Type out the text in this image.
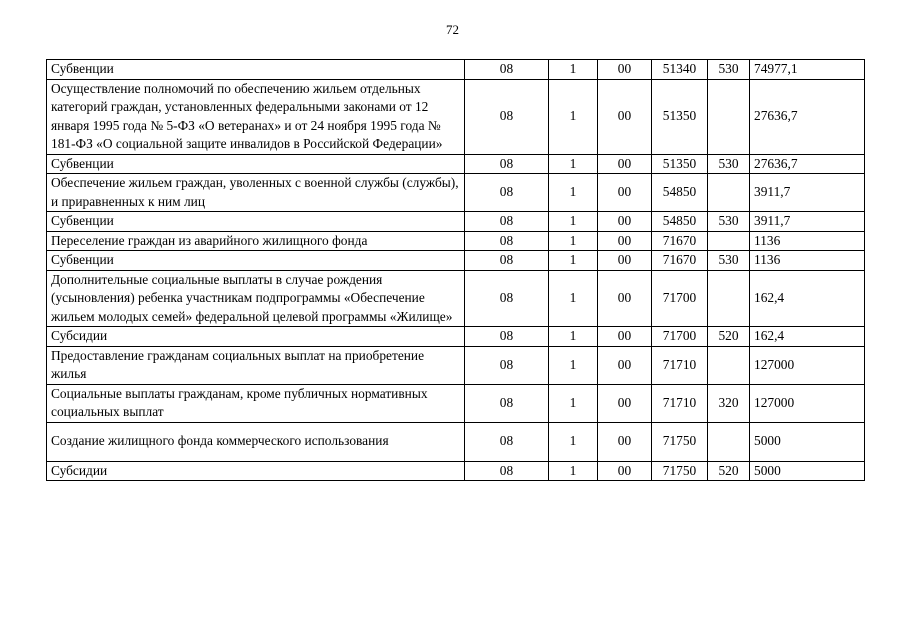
72
Субвенции	08	1	00	51340	530	74977,1
Осуществление полномочий по обеспечению жильем отдельных категорий граждан, установленных федеральными законами от 12 января 1995 года № 5-ФЗ «О ветеранах» и от 24 ноября 1995 года № 181-ФЗ «О социальной защите инвалидов в Российской Федерации»	08	1	00	51350		27636,7
Субвенции	08	1	00	51350	530	27636,7
Обеспечение жильем граждан, уволенных с военной службы (службы), и приравненных к ним лиц	08	1	00	54850		3911,7
Субвенции	08	1	00	54850	530	3911,7
Переселение граждан из аварийного жилищного фонда	08	1	00	71670		1136
Субвенции	08	1	00	71670	530	1136
Дополнительные социальные выплаты в случае рождения (усыновления) ребенка участникам подпрограммы «Обеспечение жильем молодых семей» федеральной целевой программы «Жилище»	08	1	00	71700		162,4
Субсидии	08	1	00	71700	520	162,4
Предоставление гражданам социальных выплат на приобретение жилья	08	1	00	71710		127000
Социальные выплаты гражданам, кроме публичных нормативных социальных выплат	08	1	00	71710	320	127000
Создание жилищного фонда коммерческого использования	08	1	00	71750		5000
Субсидии	08	1	00	71750	520	5000
